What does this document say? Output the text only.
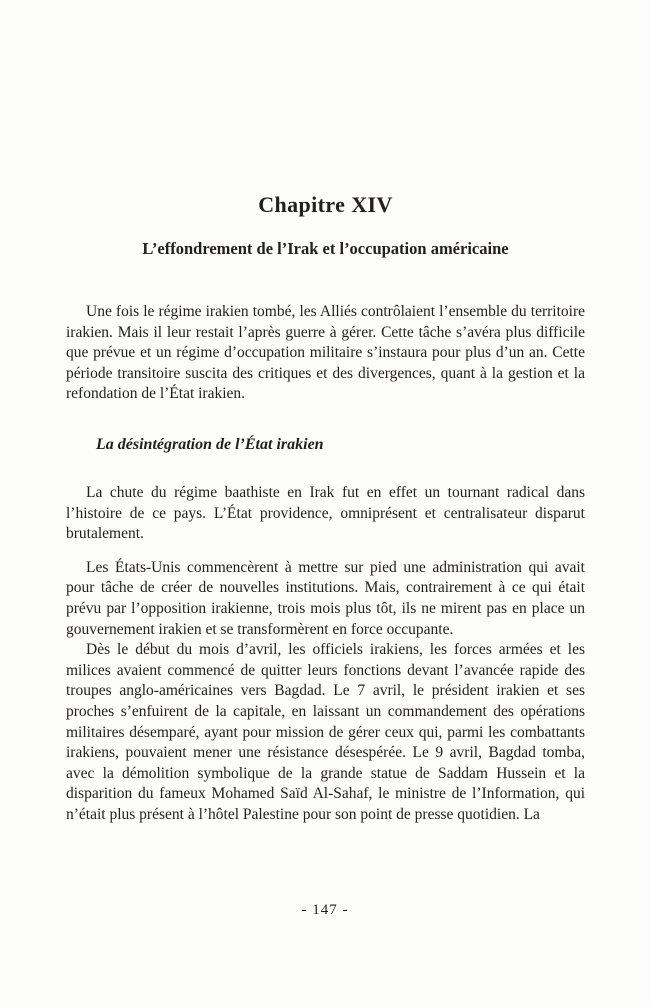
Chapitre XIV
L’effondrement de l’Irak et l’occupation américaine

Une fois le régime irakien tombé, les Alliés contrôlaient l’ensemble du territoire irakien. Mais il leur restait l’après guerre à gérer. Cette tâche s’avéra plus difficile que prévue et un régime d’occupation militaire s’instaura pour plus d’un an. Cette période transitoire suscita des critiques et des divergences, quant à la gestion et la refondation de l’État irakien.

La désintégration de l’État irakien

La chute du régime baathiste en Irak fut en effet un tournant radical dans l’histoire de ce pays. L’État providence, omniprésent et centralisateur disparut brutalement.

Les États-Unis commencèrent à mettre sur pied une administration qui avait pour tâche de créer de nouvelles institutions. Mais, contrairement à ce qui était prévu par l’opposition irakienne, trois mois plus tôt, ils ne mirent pas en place un gouvernement irakien et se transformèrent en force occupante.

Dès le début du mois d’avril, les officiels irakiens, les forces armées et les milices avaient commencé de quitter leurs fonctions devant l’avancée rapide des troupes anglo-américaines vers Bagdad. Le 7 avril, le président irakien et ses proches s’enfuirent de la capitale, en laissant un commandement des opérations militaires désemparé, ayant pour mission de gérer ceux qui, parmi les combattants irakiens, pouvaient mener une résistance désespérée. Le 9 avril, Bagdad tomba, avec la démolition symbolique de la grande statue de Saddam Hussein et la disparition du fameux Mohamed Saïd Al-Sahaf, le ministre de l’Information, qui n’était plus présent à l’hôtel Palestine pour son point de presse quotidien. La

- 147 -
